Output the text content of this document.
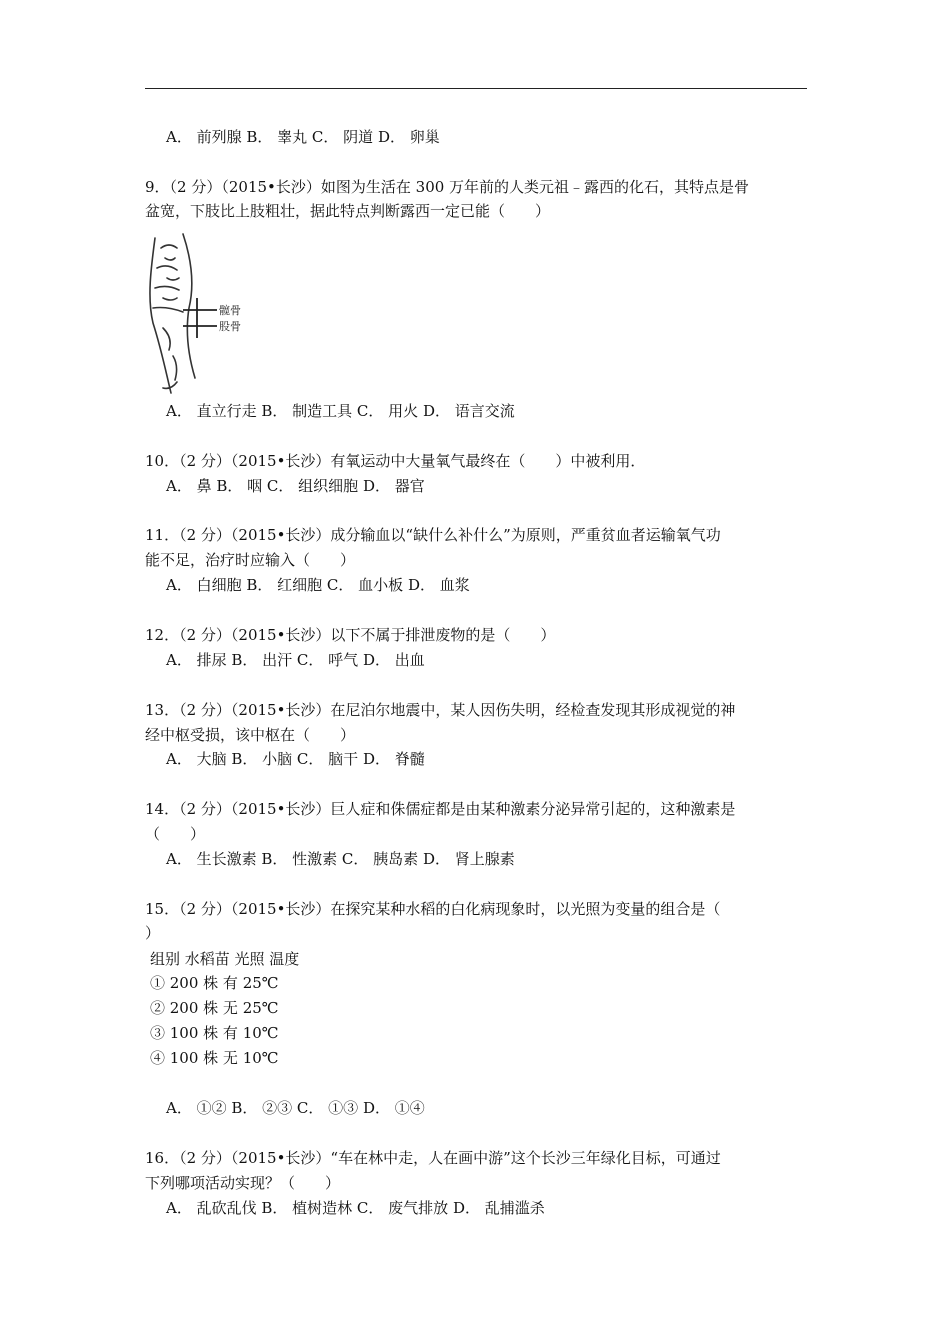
A． 前列腺 B． 睾丸 C． 阴道 D． 卵巢
9．（2 分）（2015•长沙）如图为生活在 300 万年前的人类元祖﹣露西的化石，其特点是骨
盆宽，下肢比上肢粗壮，据此特点判断露西一定已能（　　）
髋骨
股骨
A． 直立行走 B． 制造工具 C． 用火 D． 语言交流
10．（2 分）（2015•长沙）有氧运动中大量氧气最终在（　　）中被利用．
A． 鼻 B． 咽 C． 组织细胞 D． 器官
11．（2 分）（2015•长沙）成分输血以“缺什么补什么”为原则，严重贫血者运输氧气功
能不足，治疗时应输入（　　）
A． 白细胞 B． 红细胞 C． 血小板 D． 血浆
12．（2 分）（2015•长沙）以下不属于排泄废物的是（　　）
A． 排尿 B． 出汗 C． 呼气 D． 出血
13．（2 分）（2015•长沙）在尼泊尔地震中，某人因伤失明，经检查发现其形成视觉的神
经中枢受损，该中枢在（　　）
A． 大脑 B． 小脑 C． 脑干 D． 脊髓
14．（2 分）（2015•长沙）巨人症和侏儒症都是由某种激素分泌异常引起的，这种激素是
（　　）
A． 生长激素 B． 性激素 C． 胰岛素 D． 肾上腺素
15．（2 分）（2015•长沙）在探究某种水稻的白化病现象时，以光照为变量的组合是（
）
组别 水稻苗 光照 温度
① 200 株 有 25℃
② 200 株 无 25℃
③ 100 株 有 10℃
④ 100 株 无 10℃
A． ①② B． ②③ C． ①③ D． ①④
16．（2 分）（2015•长沙）“车在林中走，人在画中游”这个长沙三年绿化目标，可通过
下列哪项活动实现？（　　）
A． 乱砍乱伐 B． 植树造林 C． 废气排放 D． 乱捕滥杀
